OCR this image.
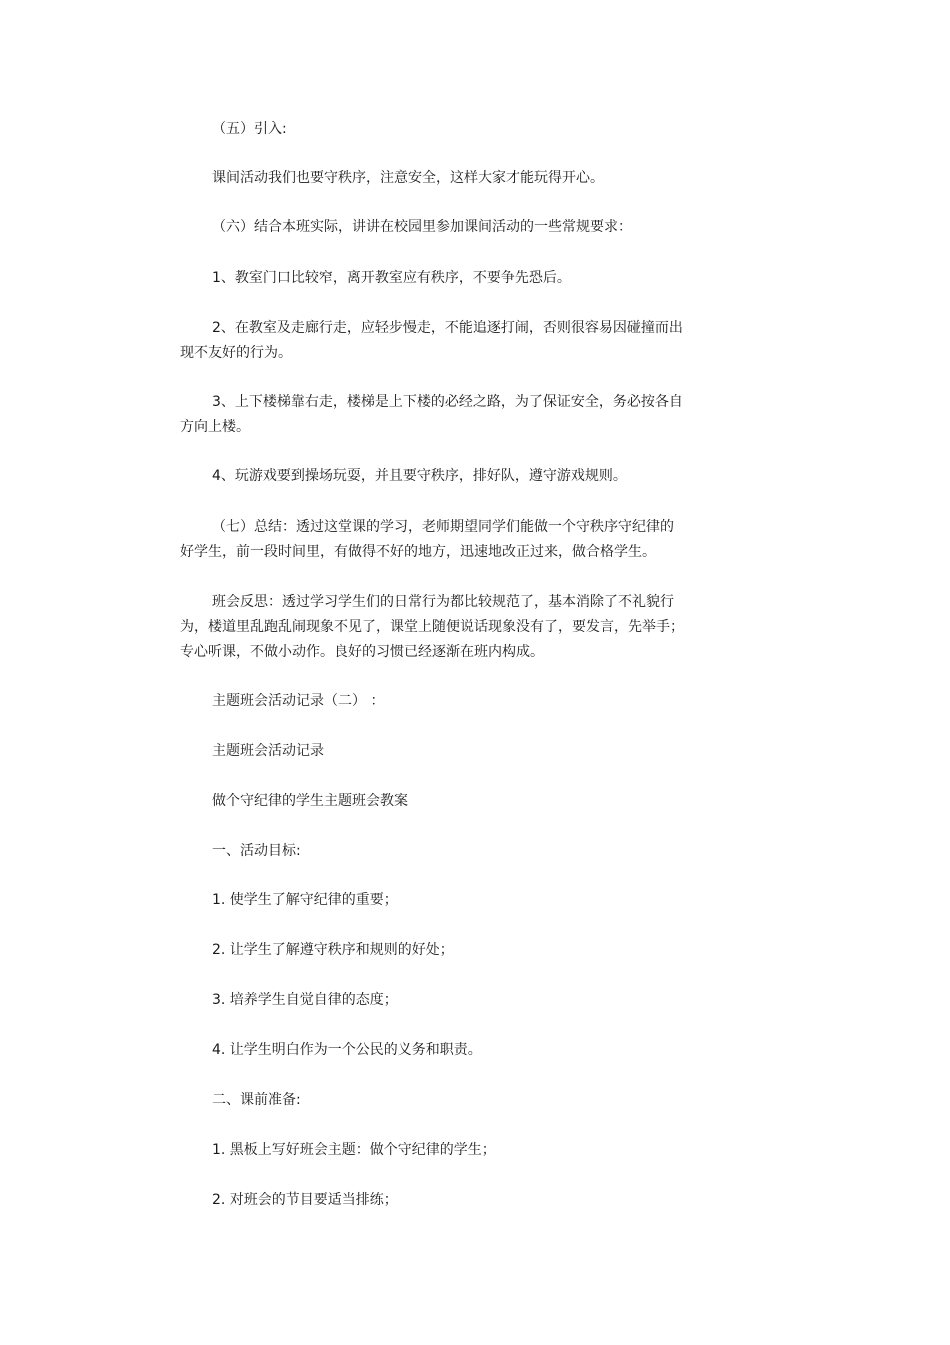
（五）引入:

课间活动我们也要守秩序，注意安全，这样大家才能玩得开心。

（六）结合本班实际，讲讲在校园里参加课间活动的一些常规要求：

1、教室门口比较窄，离开教室应有秩序，不要争先恐后。

2、在教室及走廊行走，应轻步慢走，不能追逐打闹，否则很容易因碰撞而出
现不友好的行为。

3、上下楼梯靠右走，楼梯是上下楼的必经之路，为了保证安全，务必按各自
方向上楼。

4、玩游戏要到操场玩耍，并且要守秩序，排好队，遵守游戏规则。

（七）总结：透过这堂课的学习，老师期望同学们能做一个守秩序守纪律的
好学生，前一段时间里，有做得不好的地方，迅速地改正过来，做合格学生。

班会反思：透过学习学生们的日常行为都比较规范了，基本消除了不礼貌行
为，楼道里乱跑乱闹现象不见了，课堂上随便说话现象没有了，要发言，先举手；
专心听课，不做小动作。良好的习惯已经逐渐在班内构成。

主题班会活动记录（二） ：

主题班会活动记录

做个守纪律的学生主题班会教案

一、活动目标:

1. 使学生了解守纪律的重要；

2. 让学生了解遵守秩序和规则的好处；

3. 培养学生自觉自律的态度；

4. 让学生明白作为一个公民的义务和职责。

二、课前准备:

1. 黑板上写好班会主题：做个守纪律的学生；

2. 对班会的节目要适当排练；
